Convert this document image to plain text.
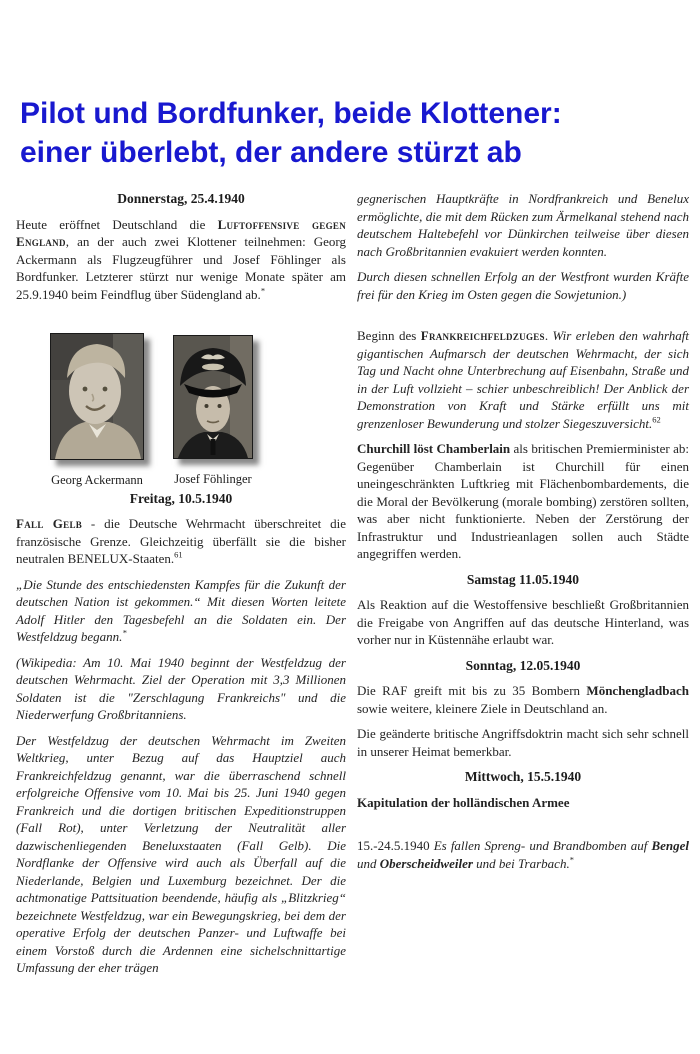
Pilot und Bordfunker, beide Klottener:
einer überlebt, der andere stürzt ab
Donnerstag, 25.4.1940

Heute eröffnet Deutschland die Luftoffensive gegen England, an der auch zwei Klottener teilnehmen: Georg Ackermann als Flugzeugführer und Josef Föhlinger als Bordfunker. Letzterer stürzt nur wenige Monate später am 25.9.1940 beim Feindflug über Südengland ab.*

Georg Ackermann	Josef Föhlinger
Freitag, 10.5.1940

Fall Gelb - die Deutsche Wehrmacht überschreitet die französische Grenze. Gleichzeitig überfällt sie die bisher neutralen BENELUX-Staaten.$^{61}$

„Die Stunde des entschiedensten Kampfes für die Zukunft der deutschen Nation ist gekommen.“ Mit diesen Worten leitete Adolf Hitler den Tagesbefehl an die Soldaten ein. Der Westfeldzug begann.*

(Wikipedia: Am 10. Mai 1940 beginnt der Westfeldzug der deutschen Wehrmacht. Ziel der Operation mit 3,3 Millionen Soldaten ist die "Zerschlagung Frankreichs" und die Niederwerfung Großbritanniens.

Der Westfeldzug der deutschen Wehrmacht im Zweiten Weltkrieg, unter Bezug auf das Hauptziel auch Frankreichfeldzug genannt, war die überraschend schnell erfolgreiche Offensive vom 10. Mai bis 25. Juni 1940 gegen Frankreich und die dortigen britischen Expeditionstruppen (Fall Rot), unter Verletzung der Neutralität aller dazwischenliegenden Beneluxstaaten (Fall Gelb). Die Nordflanke der Offensive wird auch als Überfall auf die Niederlande, Belgien und Luxemburg bezeichnet. Der die achtmonatige Pattsituation beendende, häufig als „Blitzkrieg“ bezeichnete Westfeldzug, war ein Bewegungskrieg, bei dem der operative Erfolg der deutschen Panzer- und Luftwaffe bei einem Vorstoß durch die Ardennen eine sichelschnittartige Umfassung der eher trägen

gegnerischen Hauptkräfte in Nordfrankreich und Benelux ermöglichte, die mit dem Rücken zum Ärmelkanal stehend nach deutschem Haltebefehl vor Dünkirchen teilweise über diesen nach Großbritannien evakuiert werden konnten.

Durch diesen schnellen Erfolg an der Westfront wurden Kräfte frei für den Krieg im Osten gegen die Sowjetunion.)

Beginn des Frankreichfeldzuges. Wir erleben den wahrhaft gigantischen Aufmarsch der deutschen Wehrmacht, der sich Tag und Nacht ohne Unterbrechung auf Eisenbahn, Straße und in der Luft vollzieht – schier unbeschreiblich! Der Anblick der Demonstration von Kraft und Stärke erfüllt uns mit grenzenloser Bewunderung und stolzer Siegeszuversicht.$^{62}$

Churchill löst Chamberlain als britischen Premierminister ab: Gegenüber Chamberlain ist Churchill für einen uneingeschränkten Luftkrieg mit Flächenbombardements, die die Moral der Bevölkerung (morale bombing) zerstören sollten, was aber nicht funktionierte. Neben der Zerstörung der Infrastruktur und Industrieanlagen sollen auch Städte angegriffen werden.

Samstag 11.05.1940

Als Reaktion auf die Westoffensive beschließt Großbritannien die Freigabe von Angriffen auf das deutsche Hinterland, was vorher nur in Küstennähe erlaubt war.

Sonntag, 12.05.1940

Die RAF greift mit bis zu 35 Bombern Mönchengladbach sowie weitere, kleinere Ziele in Deutschland an.

Die geänderte britische Angriffsdoktrin macht sich sehr schnell in unserer Heimat bemerkbar.

Mittwoch, 15.5.1940

Kapitulation der holländischen Armee

15.-24.5.1940 Es fallen Spreng- und Brandbomben auf Bengel und Oberscheidweiler und bei Trarbach.*
